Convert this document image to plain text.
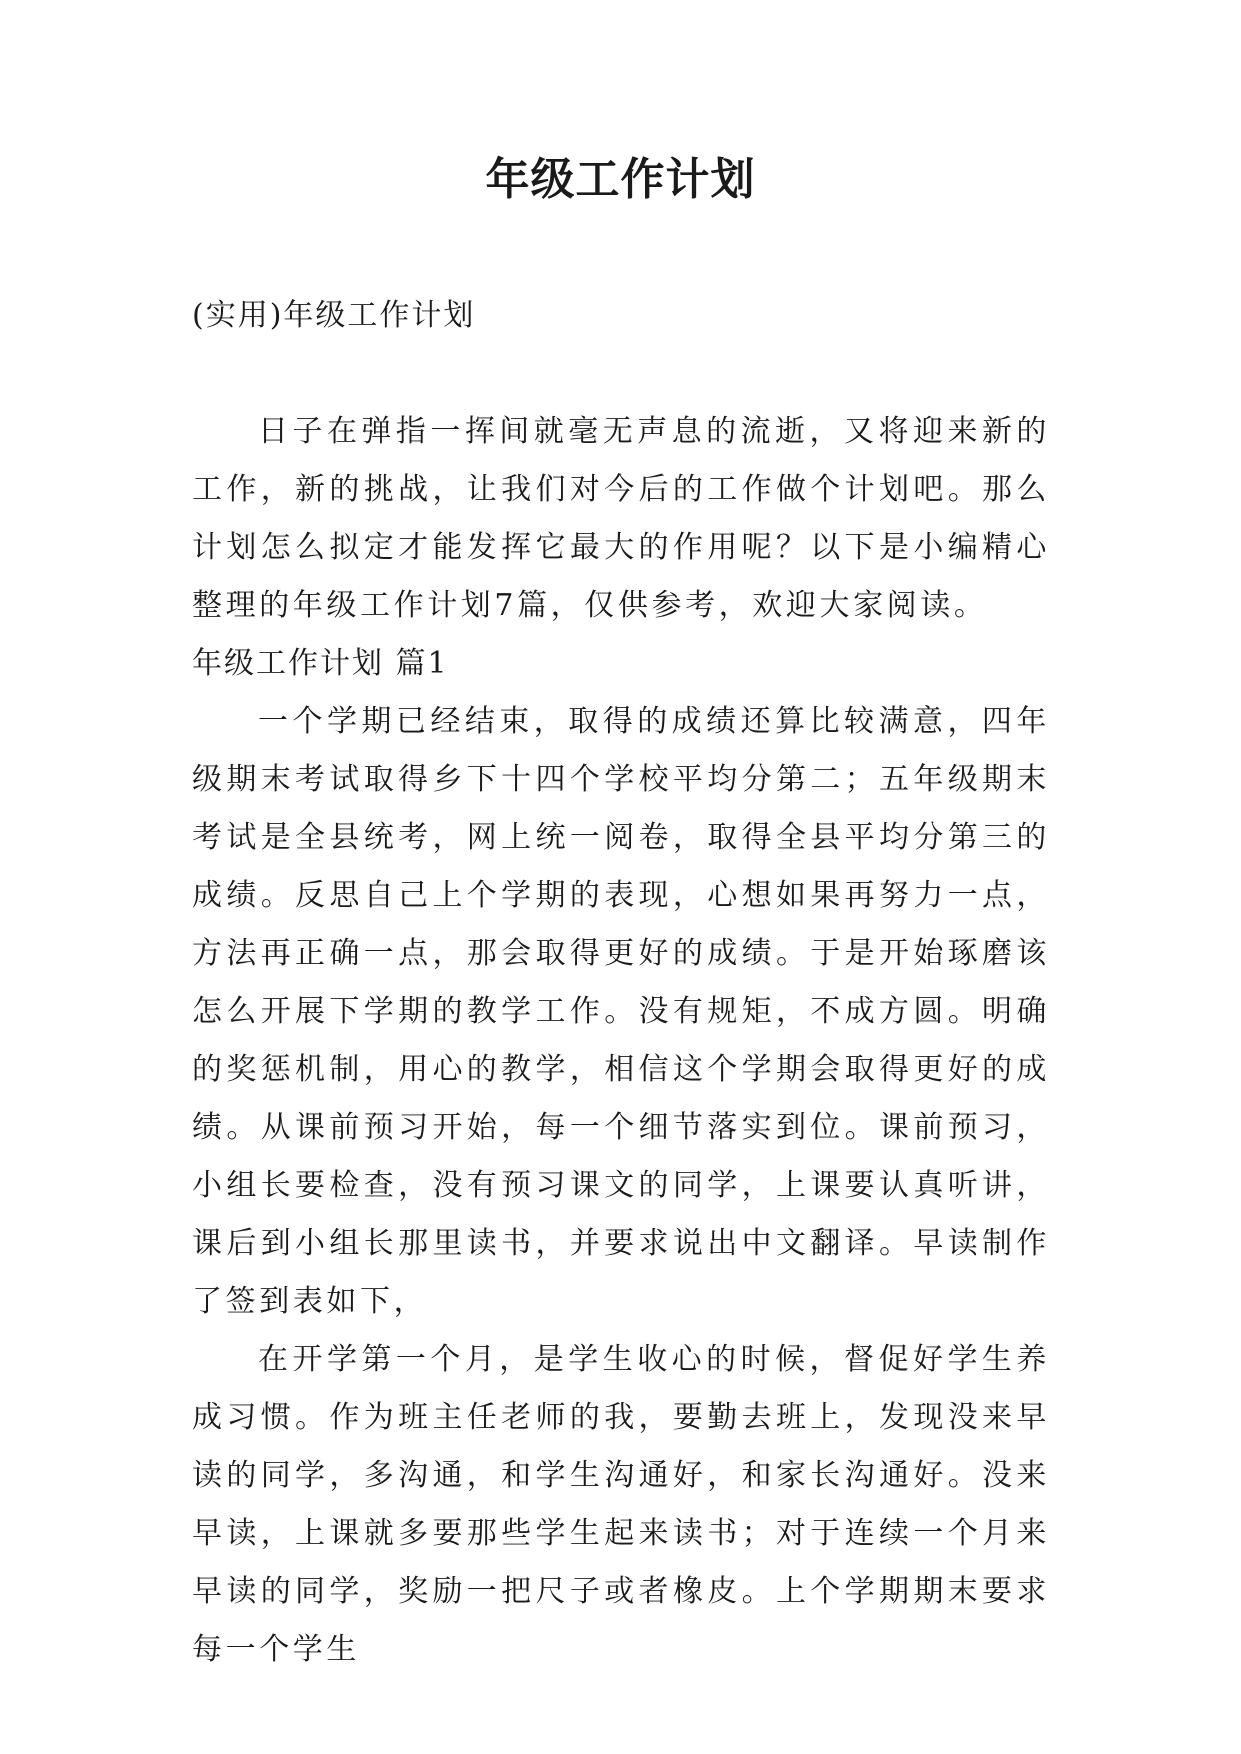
年级工作计划

(实用)年级工作计划

日子在弹指一挥间就毫无声息的流逝，又将迎来新的工作，新的挑战，让我们对今后的工作做个计划吧。那么计划怎么拟定才能发挥它最大的作用呢？以下是小编精心整理的年级工作计划7篇，仅供参考，欢迎大家阅读。

年级工作计划 篇1

一个学期已经结束，取得的成绩还算比较满意，四年级期末考试取得乡下十四个学校平均分第二；五年级期末考试是全县统考，网上统一阅卷，取得全县平均分第三的成绩。反思自己上个学期的表现，心想如果再努力一点，方法再正确一点，那会取得更好的成绩。于是开始琢磨该怎么开展下学期的教学工作。没有规矩，不成方圆。明确的奖惩机制，用心的教学，相信这个学期会取得更好的成绩。从课前预习开始，每一个细节落实到位。课前预习，小组长要检查，没有预习课文的同学，上课要认真听讲，课后到小组长那里读书，并要求说出中文翻译。早读制作了签到表如下，

在开学第一个月，是学生收心的时候，督促好学生养成习惯。作为班主任老师的我，要勤去班上，发现没来早读的同学，多沟通，和学生沟通好，和家长沟通好。没来早读，上课就多要那些学生起来读书；对于连续一个月来早读的同学，奖励一把尺子或者橡皮。上个学期期末要求每一个学生
